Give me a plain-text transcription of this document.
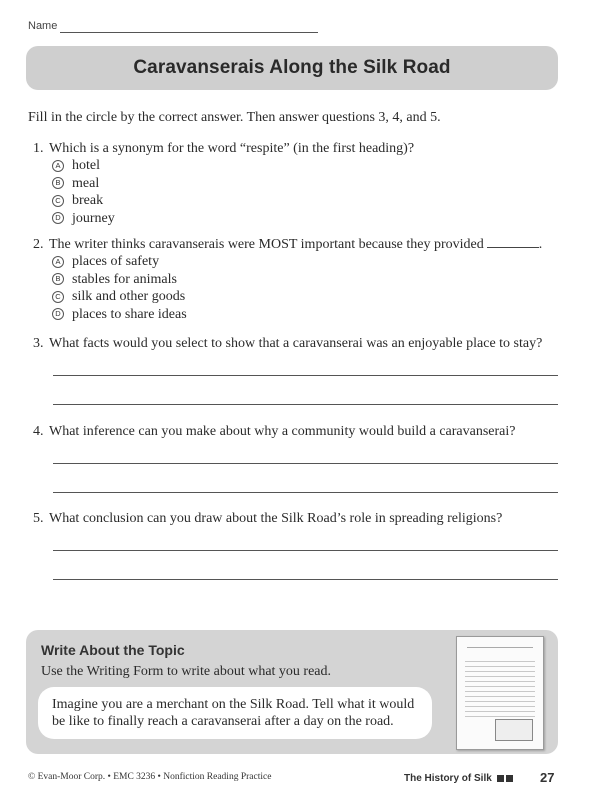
Name
Caravanserais Along the Silk Road
Fill in the circle by the correct answer. Then answer questions 3, 4, and 5.
1. Which is a synonym for the word “respite” (in the first heading)?
A hotel
B meal
C break
D journey
2. The writer thinks caravanserais were MOST important because they provided	.
A places of safety
B stables for animals
C silk and other goods
D places to share ideas
3. What facts would you select to show that a caravanserai was an enjoyable place to stay?
4. What inference can you make about why a community would build a caravanserai?
5. What conclusion can you draw about the Silk Road’s role in spreading religions?
Write About the Topic
Use the Writing Form to write about what you read.
Imagine you are a merchant on the Silk Road. Tell what it would be like to finally reach a caravanserai after a day on the road.
© Evan-Moor Corp. • EMC 3236 • Nonfiction Reading Practice	The History of Silk	27
